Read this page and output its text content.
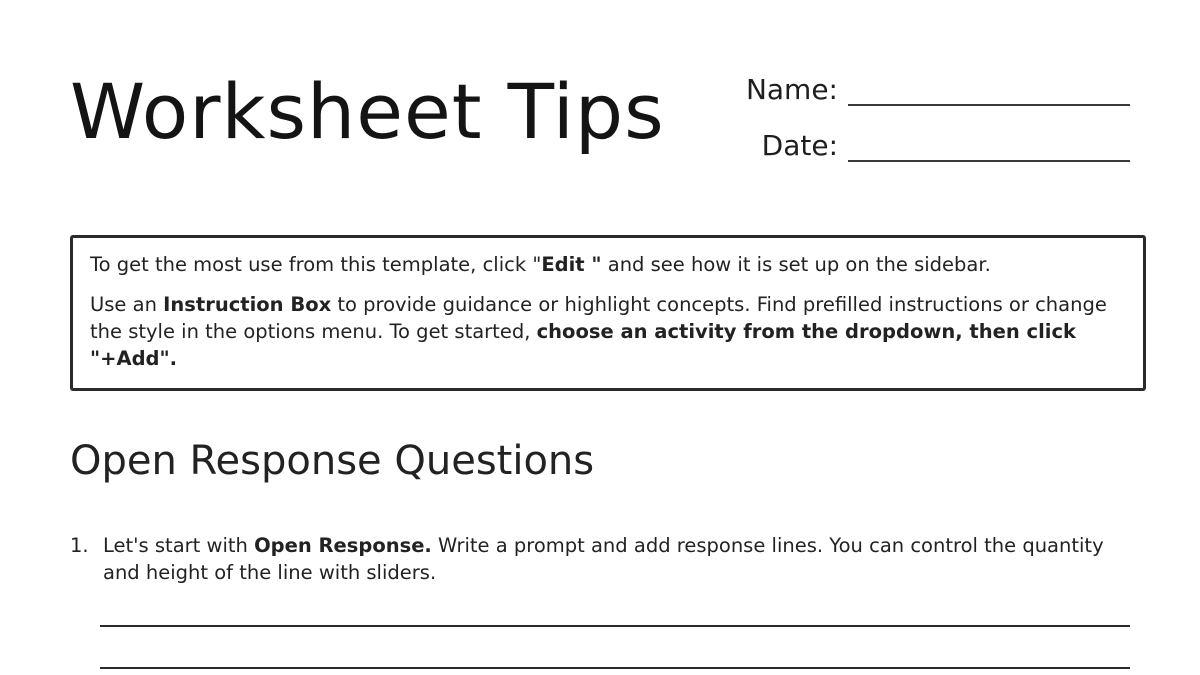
Worksheet Tips	Name:
Date:

To get the most use from this template, click "Edit " and see how it is set up on the sidebar.

Use an Instruction Box to provide guidance or highlight concepts. Find prefilled instructions or change the style in the options menu. To get started, choose an activity from the dropdown, then click "+Add".

Open Response Questions
1. Let's start with Open Response. Write a prompt and add response lines. You can control the quantity and height of the line with sliders.
